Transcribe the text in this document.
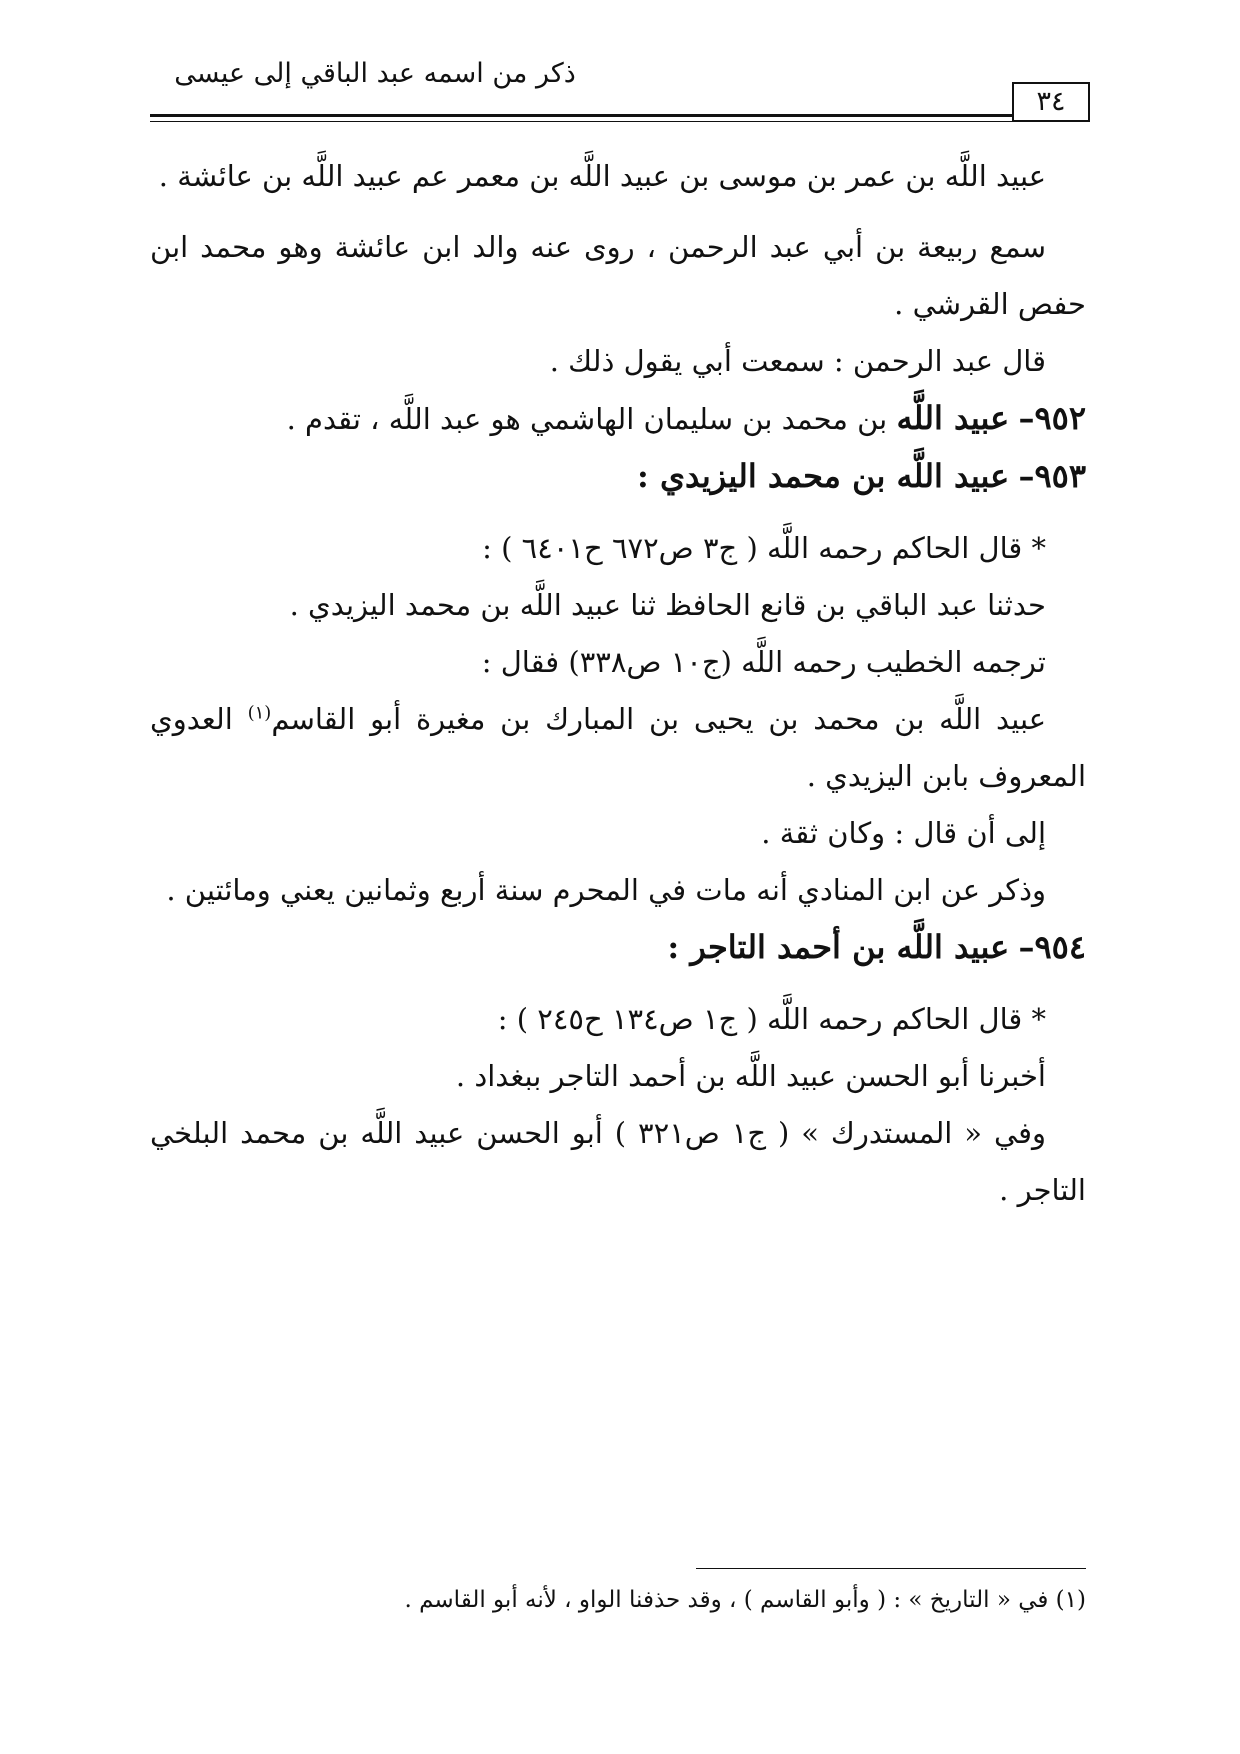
ذكر من اسمه عبد الباقي إلى عيسى
٣٤

عبيد اللَّه بن عمر بن موسى بن عبيد اللَّه بن معمر عم عبيد اللَّه بن عائشة .

سمع ربيعة بن أبي عبد الرحمن ، روى عنه والد ابن عائشة وهو محمد ابن حفص القرشي .

قال عبد الرحمن : سمعت أبي يقول ذلك .

٩٥٢– عبيد اللَّه بن محمد بن سليمان الهاشمي هو عبد اللَّه ، تقدم .

٩٥٣– عبيد اللَّه بن محمد اليزيدي :

* قال الحاكم رحمه اللَّه ( ج٣ ص٦٧٢ ح٦٤٠١ ) :

حدثنا عبد الباقي بن قانع الحافظ ثنا عبيد اللَّه بن محمد اليزيدي .

ترجمه الخطيب رحمه اللَّه (ج١٠ ص٣٣٨) فقال :

عبيد اللَّه بن محمد بن يحيى بن المبارك بن مغيرة أبو القاسم$^{(١)}$ العدوي المعروف بابن اليزيدي .

إلى أن قال : وكان ثقة .

وذكر عن ابن المنادي أنه مات في المحرم سنة أربع وثمانين يعني ومائتين .

٩٥٤– عبيد اللَّه بن أحمد التاجر :

* قال الحاكم رحمه اللَّه ( ج١ ص١٣٤ ح٢٤٥ ) :

أخبرنا أبو الحسن عبيد اللَّه بن أحمد التاجر ببغداد .

وفي « المستدرك » ( ج١ ص٣٢١ ) أبو الحسن عبيد اللَّه بن محمد البلخي التاجر .

(١) في « التاريخ » : ( وأبو القاسم ) ، وقد حذفنا الواو ، لأنه أبو القاسم .
